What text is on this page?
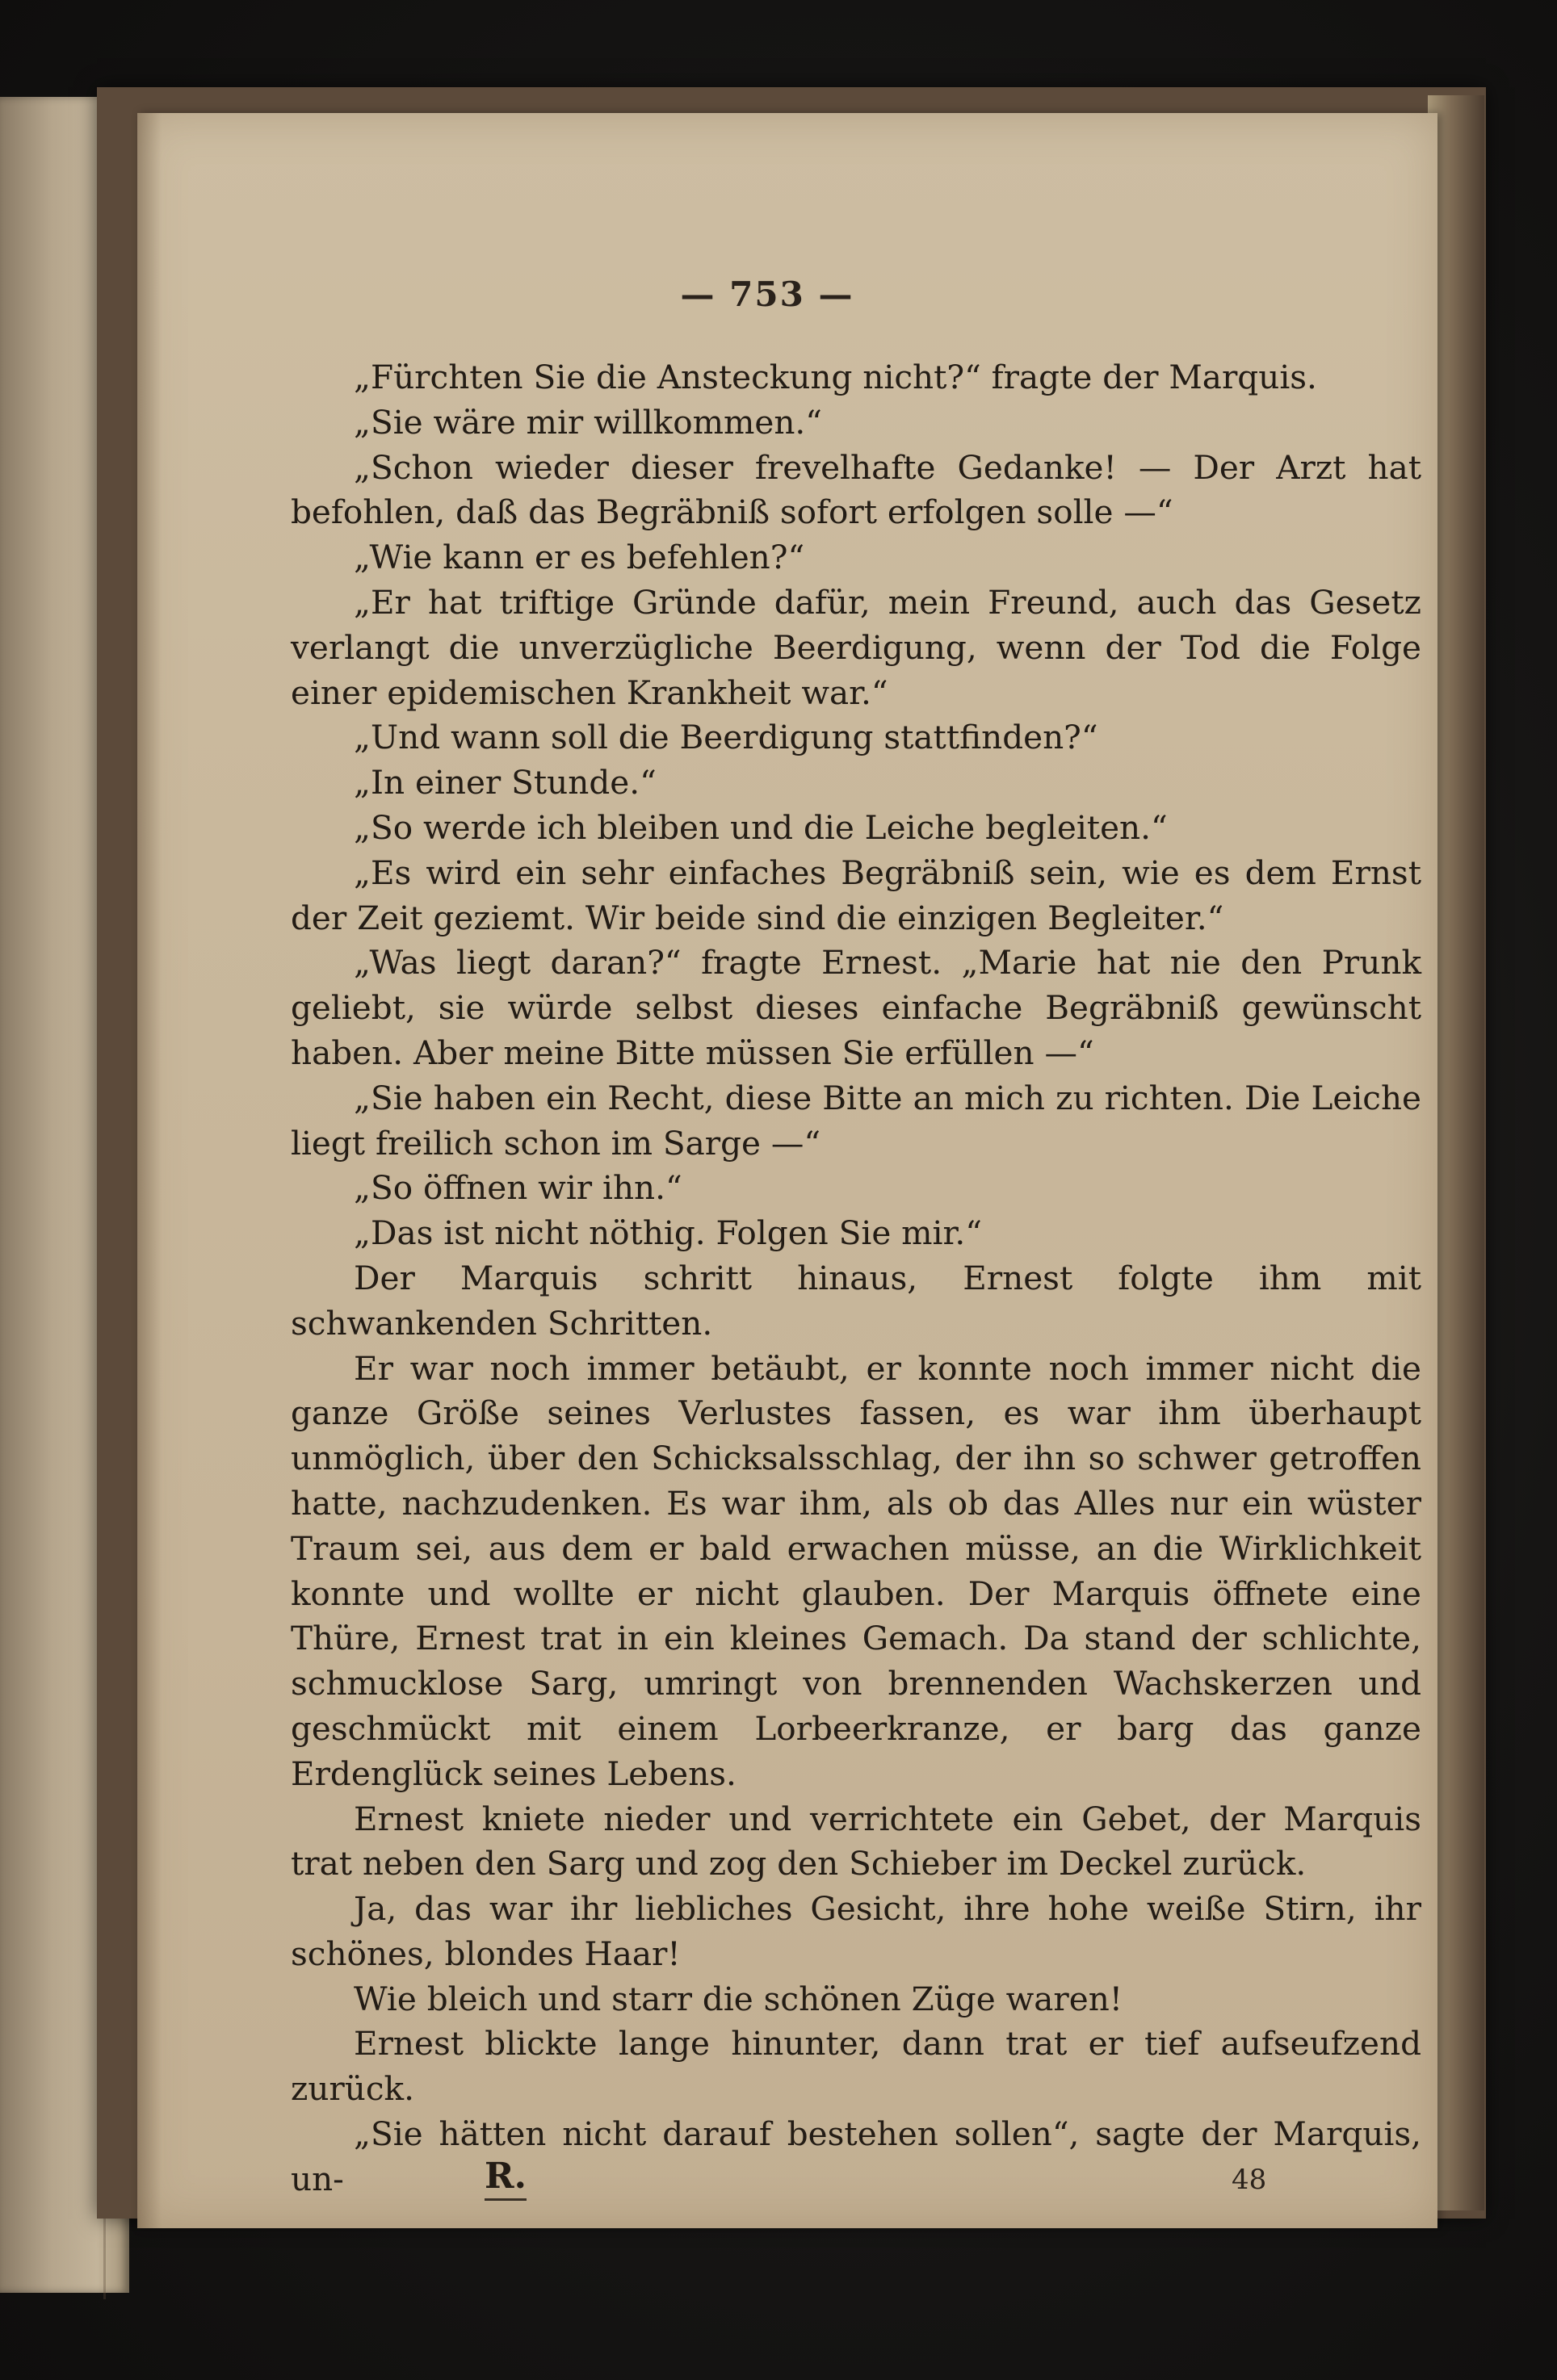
— 753 —

„Fürchten Sie die Ansteckung nicht?“ fragte der Marquis.

„Sie wäre mir willkommen.“

„Schon wieder dieser frevelhafte Gedanke! — Der Arzt hat befohlen, daß das Begräbniß sofort erfolgen solle —“

„Wie kann er es befehlen?“

„Er hat triftige Gründe dafür, mein Freund, auch das Gesetz verlangt die unverzügliche Beerdigung, wenn der Tod die Folge einer epidemischen Krankheit war.“

„Und wann soll die Beerdigung stattfinden?“

„In einer Stunde.“

„So werde ich bleiben und die Leiche begleiten.“

„Es wird ein sehr einfaches Begräbniß sein, wie es dem Ernst der Zeit geziemt. Wir beide sind die einzigen Begleiter.“

„Was liegt daran?“ fragte Ernest. „Marie hat nie den Prunk geliebt, sie würde selbst dieses einfache Begräbniß gewünscht haben. Aber meine Bitte müssen Sie erfüllen —“

„Sie haben ein Recht, diese Bitte an mich zu richten. Die Leiche liegt freilich schon im Sarge —“

„So öffnen wir ihn.“

„Das ist nicht nöthig. Folgen Sie mir.“

Der Marquis schritt hinaus, Ernest folgte ihm mit schwankenden Schritten.

Er war noch immer betäubt, er konnte noch immer nicht die ganze Größe seines Verlustes fassen, es war ihm überhaupt unmöglich, über den Schicksalsschlag, der ihn so schwer getroffen hatte, nachzudenken. Es war ihm, als ob das Alles nur ein wüster Traum sei, aus dem er bald erwachen müsse, an die Wirklichkeit konnte und wollte er nicht glauben. Der Marquis öffnete eine Thüre, Ernest trat in ein kleines Gemach. Da stand der schlichte, schmucklose Sarg, umringt von brennenden Wachskerzen und geschmückt mit einem Lorbeerkranze, er barg das ganze Erdenglück seines Lebens.

Ernest kniete nieder und verrichtete ein Gebet, der Marquis trat neben den Sarg und zog den Schieber im Deckel zurück.

Ja, das war ihr liebliches Gesicht, ihre hohe weiße Stirn, ihr schönes, blondes Haar!

Wie bleich und starr die schönen Züge waren!

Ernest blickte lange hinunter, dann trat er tief aufseufzend zurück.

„Sie hätten nicht darauf bestehen sollen“, sagte der Marquis, un-	R.	48
